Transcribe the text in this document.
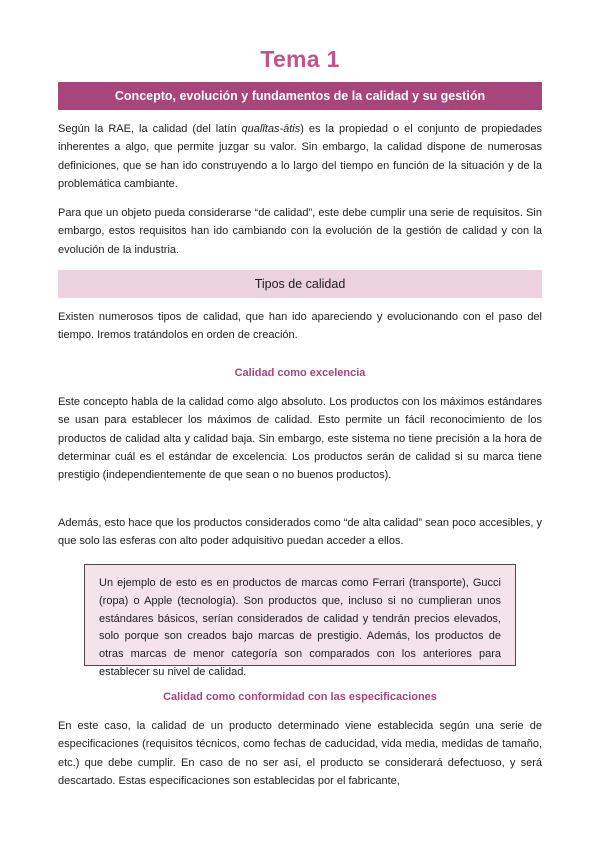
Tema 1
Concepto, evolución y fundamentos de la calidad y su gestión

Según la RAE, la calidad (del latín qualĭtas-ātis) es la propiedad o el conjunto de propiedades inherentes a algo, que permite juzgar su valor. Sin embargo, la calidad dispone de numerosas definiciones, que se han ido construyendo a lo largo del tiempo en función de la situación y de la problemática cambiante.

Para que un objeto pueda considerarse “de calidad”, este debe cumplir una serie de requisitos. Sin embargo, estos requisitos han ido cambiando con la evolución de la gestión de calidad y con la evolución de la industria.

Tipos de calidad

Existen numerosos tipos de calidad, que han ido apareciendo y evolucionando con el paso del tiempo. Iremos tratándolos en orden de creación.

Calidad como excelencia

Este concepto habla de la calidad como algo absoluto. Los productos con los máximos estándares se usan para establecer los máximos de calidad. Esto permite un fácil reconocimiento de los productos de calidad alta y calidad baja. Sin embargo, este sistema no tiene precisión a la hora de determinar cuál es el estándar de excelencia. Los productos serán de calidad si su marca tiene prestigio (independientemente de que sean o no buenos productos).

Además, esto hace que los productos considerados como “de alta calidad” sean poco accesibles, y que solo las esferas con alto poder adquisitivo puedan acceder a ellos.

Un ejemplo de esto es en productos de marcas como Ferrari (transporte), Gucci (ropa) o Apple (tecnología). Son productos que, incluso si no cumplieran unos estándares básicos, serían considerados de calidad y tendrán precios elevados, solo porque son creados bajo marcas de prestigio. Además, los productos de otras marcas de menor categoría son comparados con los anteriores para establecer su nivel de calidad.

Calidad como conformidad con las especificaciones

En este caso, la calidad de un producto determinado viene establecida según una serie de especificaciones (requisitos técnicos, como fechas de caducidad, vida media, medidas de tamaño, etc.) que debe cumplir. En caso de no ser así, el producto se considerará defectuoso, y será descartado. Estas especificaciones son establecidas por el fabricante,
